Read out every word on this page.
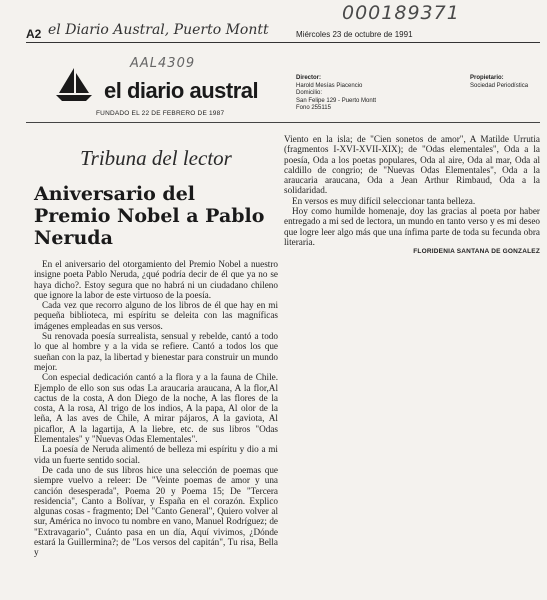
000189371
A2 el Diario Austral, Puerto Montt	Miércoles 23 de octubre de 1991
AAL4309
el diario austral
FUNDADO EL 22 DE FEBRERO DE 1987
Director:
Harold Mesías Piacencio
Domicilio:
San Felipe 129 - Puerto Montt
Fono 255115
Propietario:
Sociedad Periodística
Tribuna del lector
Aniversario del Premio Nobel a Pablo Neruda

En el aniversario del otorgamiento del Premio Nobel a nuestro insigne poeta Pablo Neruda, ¿qué podría decir de él que ya no se haya dicho?. Estoy segura que no habrá ni un ciudadano chileno que ignore la labor de este virtuoso de la poesía.

Cada vez que recorro alguno de los libros de él que hay en mi pequeña biblioteca, mi espíritu se deleita con las magníficas imágenes empleadas en sus versos.

Su renovada poesía surrealista, sensual y rebelde, cantó a todo lo que al hombre y a la vida se refiere. Cantó a todos los que sueñan con la paz, la libertad y bienestar para construir un mundo mejor.

Con especial dedicación cantó a la flora y a la fauna de Chile. Ejemplo de ello son sus odas La araucaria araucana, A la flor,Al cactus de la costa, A don Diego de la noche, A las flores de la costa, A la rosa, Al trigo de los indios, A la papa, Al olor de la leña, A las aves de Chile, A mirar pájaros, A la gaviota, Al picaflor, A la lagartija, A la liebre, etc. de sus libros "Odas Elementales" y "Nuevas Odas Elementales".

La poesía de Neruda alimentó de belleza mi espíritu y dio a mi vida un fuerte sentido social.

De cada uno de sus libros hice una selección de poemas que siempre vuelvo a releer: De "Veinte poemas de amor y una canción desesperada", Poema 20 y Poema 15; De "Tercera residencia", Canto a Bolívar, y España en el corazón. Explico algunas cosas - fragmento; Del "Canto General", Quiero volver al sur, América no invoco tu nombre en vano, Manuel Rodríguez; de "Extravagario", Cuánto pasa en un día, Aquí vivimos, ¿Dónde estará la Guillermina?; de "Los versos del capitán", Tu risa, Bella y

Viento en la isla; de "Cien sonetos de amor", A Matilde Urrutia (fragmentos I-XVI-XVII-XIX); de "Odas elementales", Oda a la poesía, Oda a los poetas populares, Oda al aire, Oda al mar, Oda al caldillo de congrio; de "Nuevas Odas Elementales", Oda a la araucaria araucana, Oda a Jean Arthur Rimbaud, Oda a la solidaridad.

En versos es muy difícil seleccionar tanta belleza.

Hoy como humilde homenaje, doy las gracias al poeta por haber entregado a mi sed de lectora, un mundo en tanto verso y es mi deseo que logre leer algo más que una ínfima parte de toda su fecunda obra literaria.

FLORIDENIA SANTANA DE GONZALEZ
